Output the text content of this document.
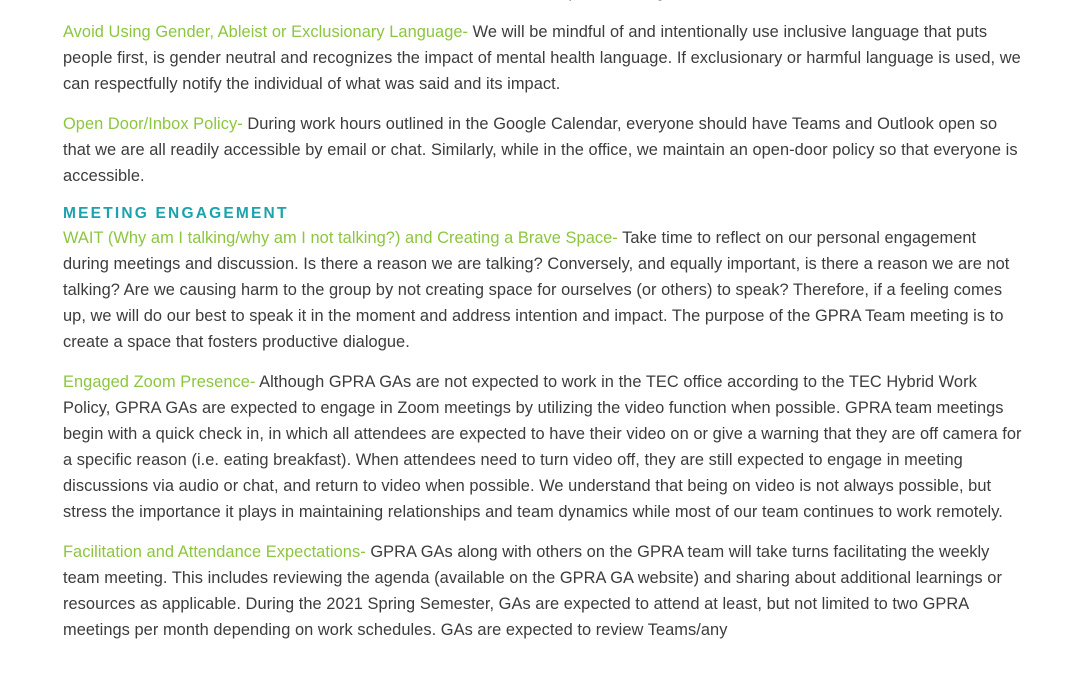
Avoid Using Gender, Ableist or Exclusionary Language- We will be mindful of and intentionally use inclusive language that puts people first, is gender neutral and recognizes the impact of mental health language. If exclusionary or harmful language is used, we can respectfully notify the individual of what was said and its impact.

Open Door/Inbox Policy- During work hours outlined in the Google Calendar, everyone should have Teams and Outlook open so that we are all readily accessible by email or chat. Similarly, while in the office, we maintain an open-door policy so that everyone is accessible.

MEETING ENGAGEMENT

WAIT (Why am I talking/why am I not talking?) and Creating a Brave Space- Take time to reflect on our personal engagement during meetings and discussion. Is there a reason we are talking? Conversely, and equally important, is there a reason we are not talking? Are we causing harm to the group by not creating space for ourselves (or others) to speak? Therefore, if a feeling comes up, we will do our best to speak it in the moment and address intention and impact. The purpose of the GPRA Team meeting is to create a space that fosters productive dialogue.

Engaged Zoom Presence- Although GPRA GAs are not expected to work in the TEC office according to the TEC Hybrid Work Policy, GPRA GAs are expected to engage in Zoom meetings by utilizing the video function when possible. GPRA team meetings begin with a quick check in, in which all attendees are expected to have their video on or give a warning that they are off camera for a specific reason (i.e. eating breakfast). When attendees need to turn video off, they are still expected to engage in meeting discussions via audio or chat, and return to video when possible. We understand that being on video is not always possible, but stress the importance it plays in maintaining relationships and team dynamics while most of our team continues to work remotely.

Facilitation and Attendance Expectations- GPRA GAs along with others on the GPRA team will take turns facilitating the weekly team meeting. This includes reviewing the agenda (available on the GPRA GA website) and sharing about additional learnings or resources as applicable. During the 2021 Spring Semester, GAs are expected to attend at least, but not limited to two GPRA meetings per month depending on work schedules. GAs are expected to review Teams/any
